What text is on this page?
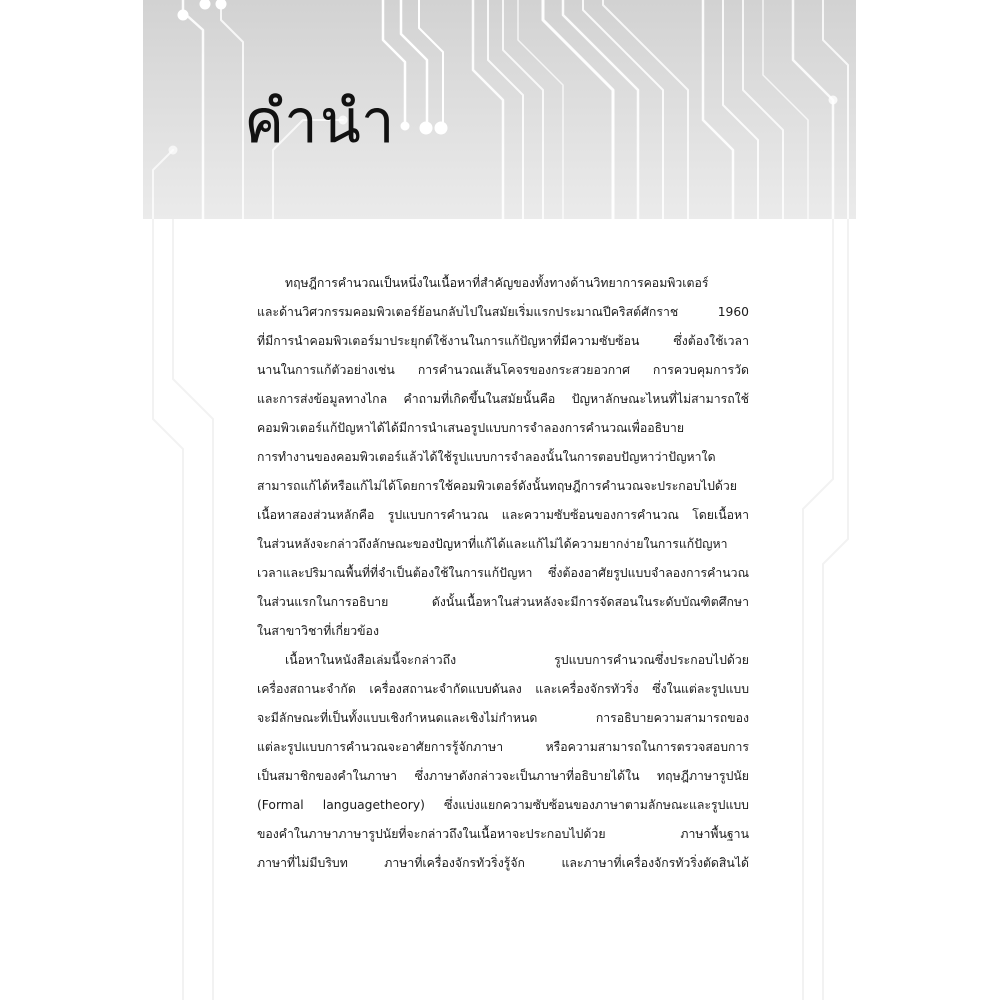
คำนำ

ทฤษฎีการคำนวณเป็นหนึ่งในเนื้อหาที่สำคัญของทั้งทางด้านวิทยาการคอมพิวเตอร์
และด้านวิศวกรรมคอมพิวเตอร์ย้อนกลับไปในสมัยเริ่มแรกประมาณปีคริสต์ศักราช 1960
ที่มีการนำคอมพิวเตอร์มาประยุกต์ใช้งานในการแก้ปัญหาที่มีความซับซ้อน ซึ่งต้องใช้เวลา
นานในการแก้ตัวอย่างเช่น การคำนวณเส้นโคจรของกระสวยอวกาศ การควบคุมการวัด
และการส่งข้อมูลทางไกล คำถามที่เกิดขึ้นในสมัยนั้นคือ ปัญหาลักษณะไหนที่ไม่สามารถใช้
คอมพิวเตอร์แก้ปัญหาได้ได้มีการนำเสนอรูปแบบการจำลองการคำนวณเพื่ออธิบาย
การทำงานของคอมพิวเตอร์แล้วได้ใช้รูปแบบการจำลองนั้นในการตอบปัญหาว่าปัญหาใด
สามารถแก้ได้หรือแก้ไม่ได้โดยการใช้คอมพิวเตอร์ดังนั้นทฤษฎีการคำนวณจะประกอบไปด้วย
เนื้อหาสองส่วนหลักคือ รูปแบบการคำนวณ และความซับซ้อนของการคำนวณ โดยเนื้อหา
ในส่วนหลังจะกล่าวถึงลักษณะของปัญหาที่แก้ได้และแก้ไม่ได้ความยากง่ายในการแก้ปัญหา
เวลาและปริมาณพื้นที่ที่จำเป็นต้องใช้ในการแก้ปัญหา ซึ่งต้องอาศัยรูปแบบจำลองการคำนวณ
ในส่วนแรกในการอธิบาย ดังนั้นเนื้อหาในส่วนหลังจะมีการจัดสอนในระดับบัณฑิตศึกษา
ในสาขาวิชาที่เกี่ยวข้อง

เนื้อหาในหนังสือเล่มนี้จะกล่าวถึง รูปแบบการคำนวณซึ่งประกอบไปด้วย
เครื่องสถานะจำกัด เครื่องสถานะจำกัดแบบดันลง และเครื่องจักรทัวริ่ง ซึ่งในแต่ละรูปแบบ
จะมีลักษณะที่เป็นทั้งแบบเชิงกำหนดและเชิงไม่กำหนด การอธิบายความสามารถของ
แต่ละรูปแบบการคำนวณจะอาศัยการรู้จักภาษา หรือความสามารถในการตรวจสอบการ
เป็นสมาชิกของคำในภาษา ซึ่งภาษาดังกล่าวจะเป็นภาษาที่อธิบายได้ใน ทฤษฎีภาษารูปนัย
(Formal languagetheory) ซึ่งแบ่งแยกความซับซ้อนของภาษาตามลักษณะและรูปแบบ
ของคำในภาษาภาษารูปนัยที่จะกล่าวถึงในเนื้อหาจะประกอบไปด้วย ภาษาพื้นฐาน
ภาษาที่ไม่มีบริบท ภาษาที่เครื่องจักรทัวริ่งรู้จัก และภาษาที่เครื่องจักรทัวริ่งตัดสินได้
